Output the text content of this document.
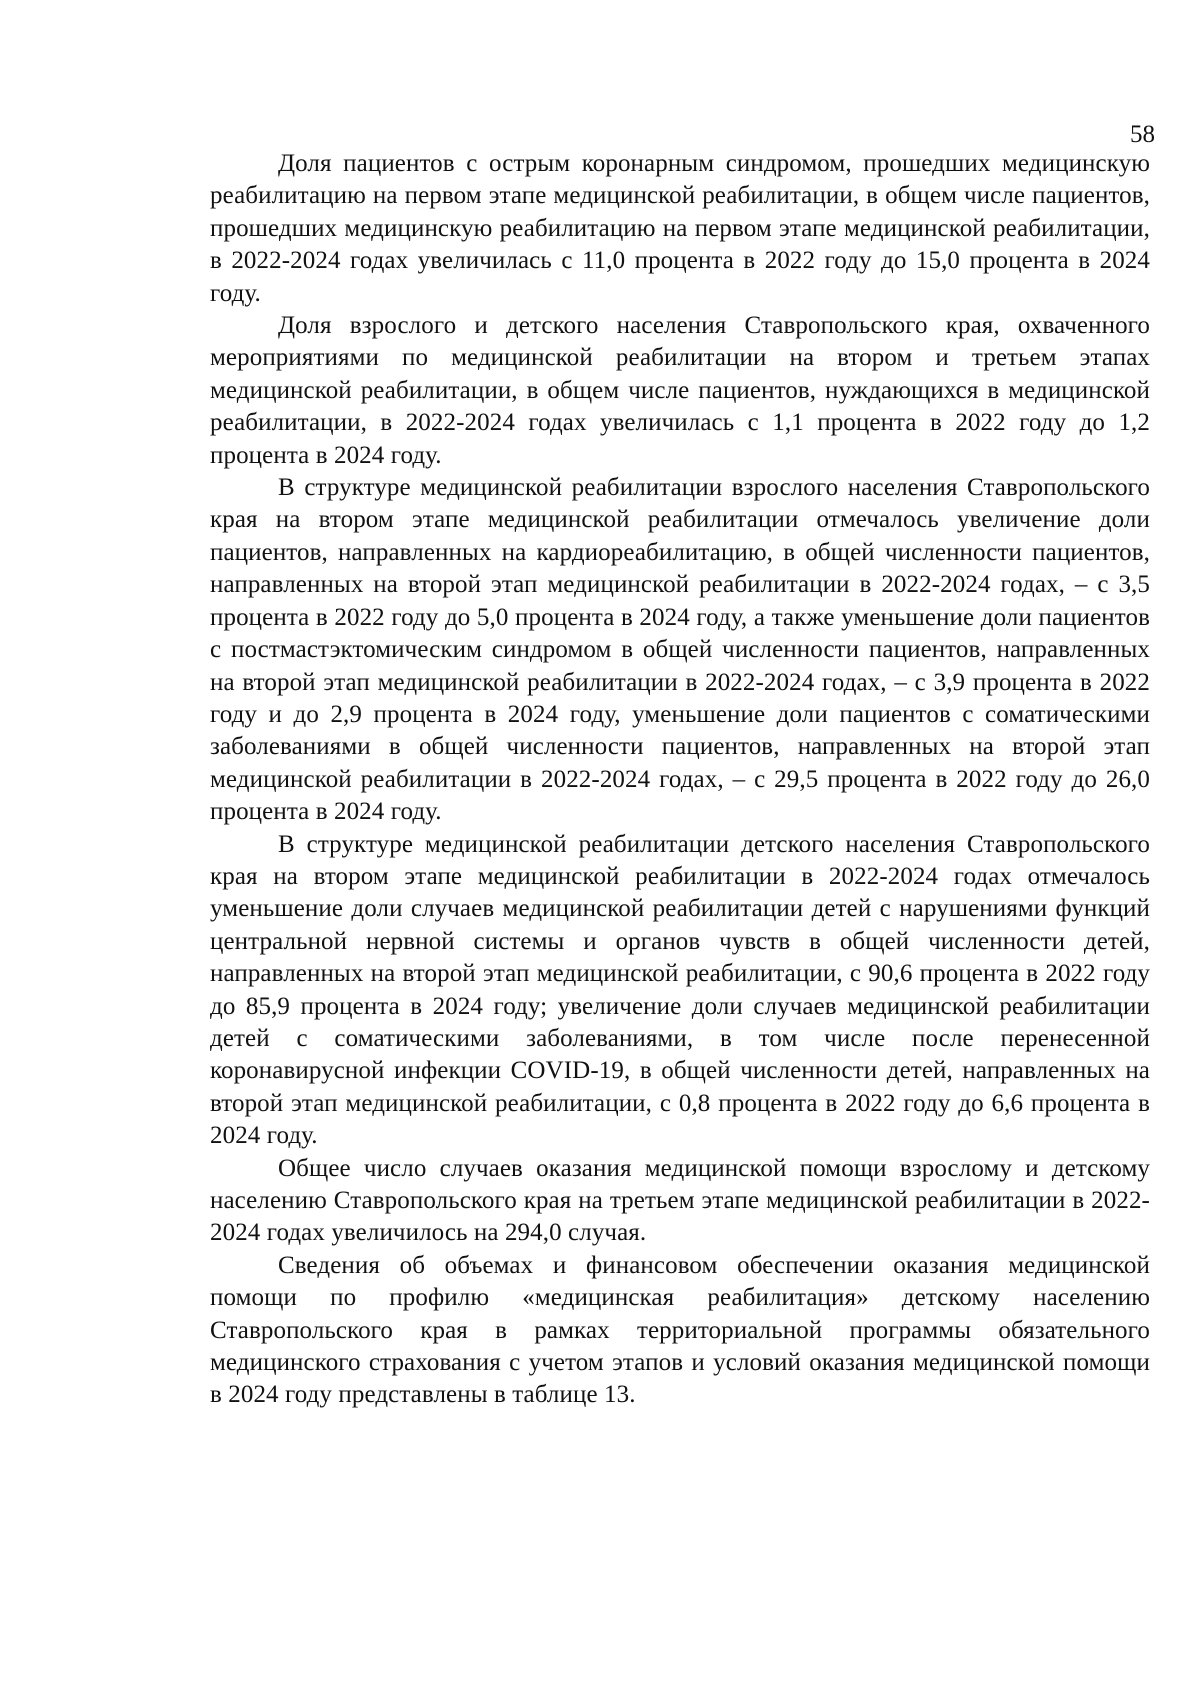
58

Доля пациентов с острым коронарным синдромом, прошедших медицинскую реабилитацию на первом этапе медицинской реабилитации, в общем числе пациентов, прошедших медицинскую реабилитацию на первом этапе медицинской реабилитации, в 2022-2024 годах увеличилась с 11,0 процента в 2022 году до 15,0 процента в 2024 году.

Доля взрослого и детского населения Ставропольского края, охваченного мероприятиями по медицинской реабилитации на втором и третьем этапах медицинской реабилитации, в общем числе пациентов, нуждающихся в медицинской реабилитации, в 2022-2024 годах увеличилась с 1,1 процента в 2022 году до 1,2 процента в 2024 году.

В структуре медицинской реабилитации взрослого населения Ставропольского края на втором этапе медицинской реабилитации отмечалось увеличение доли пациентов, направленных на кардиореабилитацию, в общей численности пациентов, направленных на второй этап медицинской реабилитации в 2022-2024 годах, – с 3,5 процента в 2022 году до 5,0 процента в 2024 году, а также уменьшение доли пациентов с постмастэктомическим синдромом в общей численности пациентов, направленных на второй этап медицинской реабилитации в 2022-2024 годах, – с 3,9 процента в 2022 году и до 2,9 процента в 2024 году, уменьшение доли пациентов с соматическими заболеваниями в общей численности пациентов, направленных на второй этап медицинской реабилитации в 2022-2024 годах, – с 29,5 процента в 2022 году до 26,0 процента в 2024 году.

В структуре медицинской реабилитации детского населения Ставропольского края на втором этапе медицинской реабилитации в 2022-2024 годах отмечалось уменьшение доли случаев медицинской реабилитации детей с нарушениями функций центральной нервной системы и органов чувств в общей численности детей, направленных на второй этап медицинской реабилитации, с 90,6 процента в 2022 году до 85,9 процента в 2024 году; увеличение доли случаев медицинской реабилитации детей с соматическими заболеваниями, в том числе после перенесенной коронавирусной инфекции COVID-19, в общей численности детей, направленных на второй этап медицинской реабилитации, с 0,8 процента в 2022 году до 6,6 процента в 2024 году.

Общее число случаев оказания медицинской помощи взрослому и детскому населению Ставропольского края на третьем этапе медицинской реабилитации в 2022-2024 годах увеличилось на 294,0 случая.

Сведения об объемах и финансовом обеспечении оказания медицинской помощи по профилю «медицинская реабилитация» детскому населению Ставропольского края в рамках территориальной программы обязательного медицинского страхования с учетом этапов и условий оказания медицинской помощи в 2024 году представлены в таблице 13.
